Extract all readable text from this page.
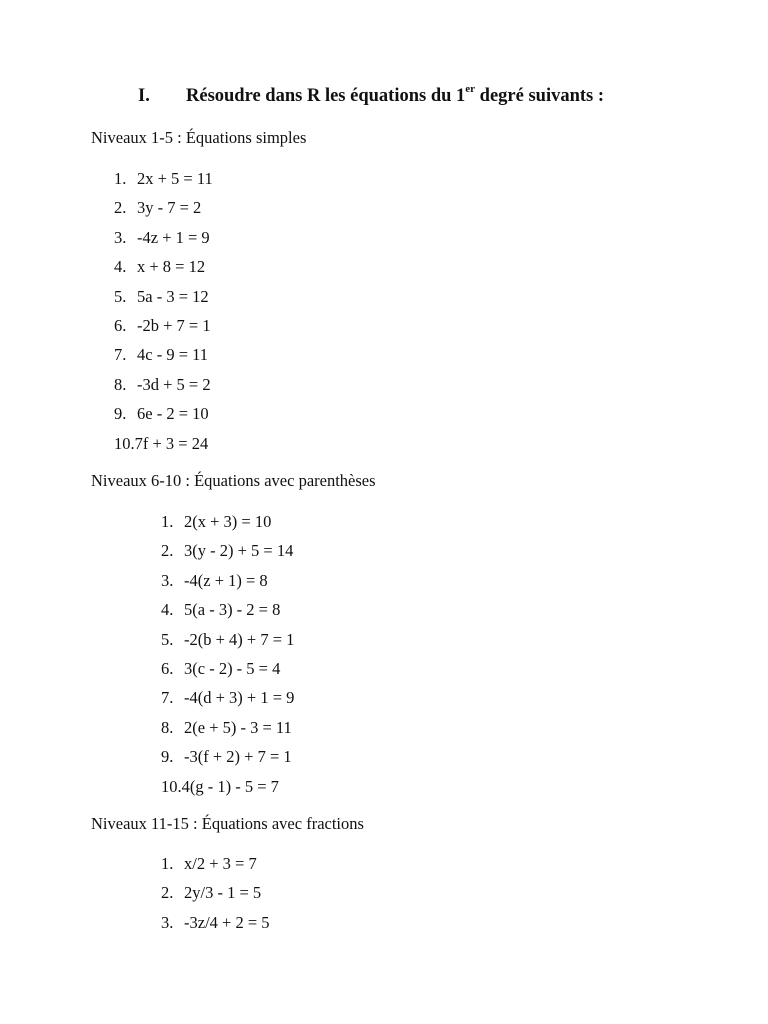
I. Résoudre dans R les équations du 1er degré suivants :
Niveaux 1-5 : Équations simples
1. 2x + 5 = 11
2. 3y - 7 = 2
3. -4z + 1 = 9
4. x + 8 = 12
5. 5a - 3 = 12
6. -2b + 7 = 1
7. 4c - 9 = 11
8. -3d + 5 = 2
9. 6e - 2 = 10
10. 7f + 3 = 24
Niveaux 6-10 : Équations avec parenthèses
1. 2(x + 3) = 10
2. 3(y - 2) + 5 = 14
3. -4(z + 1) = 8
4. 5(a - 3) - 2 = 8
5. -2(b + 4) + 7 = 1
6. 3(c - 2) - 5 = 4
7. -4(d + 3) + 1 = 9
8. 2(e + 5) - 3 = 11
9. -3(f + 2) + 7 = 1
10. 4(g - 1) - 5 = 7
Niveaux 11-15 : Équations avec fractions
1. x/2 + 3 = 7
2. 2y/3 - 1 = 5
3. -3z/4 + 2 = 5
